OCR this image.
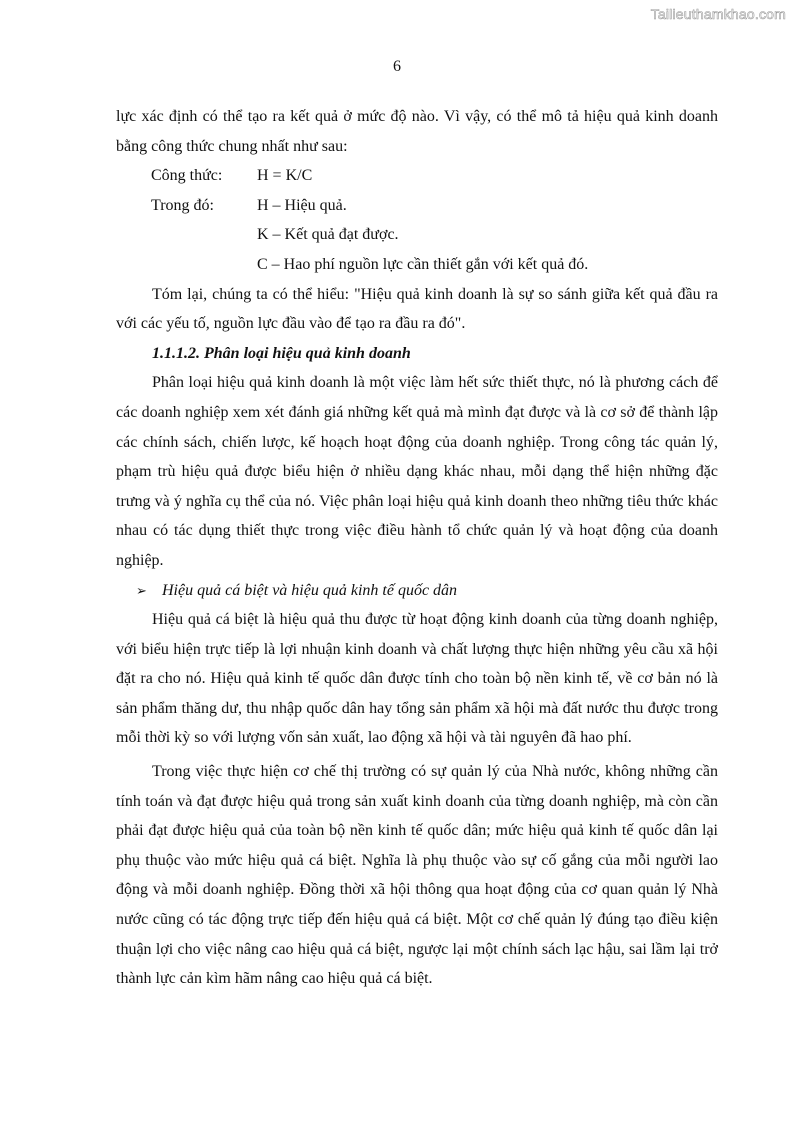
Tailieuthamkhao.com
6

lực xác định có thể tạo ra kết quả ở mức độ nào. Vì vậy, có thể mô tả hiệu quả kinh doanh bằng công thức chung nhất như sau:

Công thức:	H = K/C
Trong đó:	H – Hiệu quả.
K – Kết quả đạt được.
C – Hao phí nguồn lực cần thiết gắn với kết quả đó.

Tóm lại, chúng ta có thể hiểu: "Hiệu quả kinh doanh là sự so sánh giữa kết quả đầu ra với các yếu tố, nguồn lực đầu vào để tạo ra đầu ra đó".

1.1.1.2. Phân loại hiệu quả kinh doanh

Phân loại hiệu quả kinh doanh là một việc làm hết sức thiết thực, nó là phương cách để các doanh nghiệp xem xét đánh giá những kết quả mà mình đạt được và là cơ sở để thành lập các chính sách, chiến lược, kế hoạch hoạt động của doanh nghiệp. Trong công tác quản lý, phạm trù hiệu quả được biểu hiện ở nhiều dạng khác nhau, mỗi dạng thể hiện những đặc trưng và ý nghĩa cụ thể của nó. Việc phân loại hiệu quả kinh doanh theo những tiêu thức khác nhau có tác dụng thiết thực trong việc điều hành tổ chức quản lý và hoạt động của doanh nghiệp.

➢ Hiệu quả cá biệt và hiệu quả kinh tế quốc dân

Hiệu quả cá biệt là hiệu quả thu được từ hoạt động kinh doanh của từng doanh nghiệp, với biểu hiện trực tiếp là lợi nhuận kinh doanh và chất lượng thực hiện những yêu cầu xã hội đặt ra cho nó. Hiệu quả kinh tế quốc dân được tính cho toàn bộ nền kinh tế, về cơ bản nó là sản phẩm thăng dư, thu nhập quốc dân hay tổng sản phẩm xã hội mà đất nước thu được trong mỗi thời kỳ so với lượng vốn sản xuất, lao động xã hội và tài nguyên đã hao phí.

Trong việc thực hiện cơ chế thị trường có sự quản lý của Nhà nước, không những cần tính toán và đạt được hiệu quả trong sản xuất kinh doanh của từng doanh nghiệp, mà còn cần phải đạt được hiệu quả của toàn bộ nền kinh tế quốc dân; mức hiệu quả kinh tế quốc dân lại phụ thuộc vào mức hiệu quả cá biệt. Nghĩa là phụ thuộc vào sự cố gắng của mỗi người lao động và mỗi doanh nghiệp. Đồng thời xã hội thông qua hoạt động của cơ quan quản lý Nhà nước cũng có tác động trực tiếp đến hiệu quả cá biệt. Một cơ chế quản lý đúng tạo điều kiện thuận lợi cho việc nâng cao hiệu quả cá biệt, ngược lại một chính sách lạc hậu, sai lầm lại trở thành lực cản kìm hãm nâng cao hiệu quả cá biệt.
